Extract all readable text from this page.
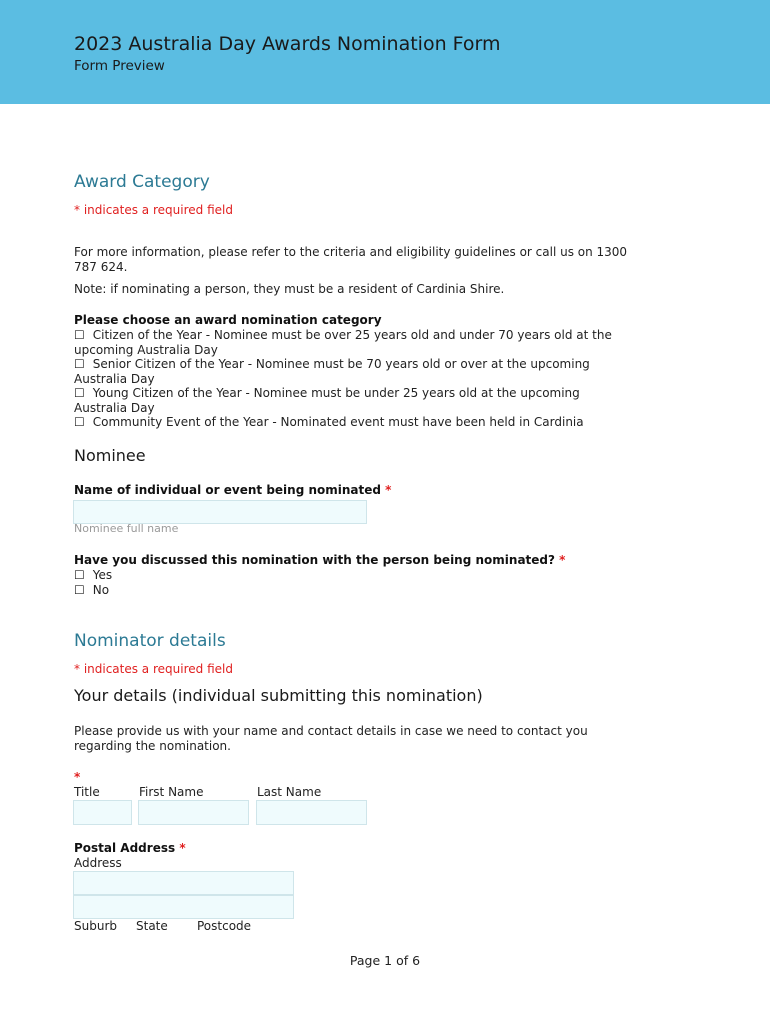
2023 Australia Day Awards Nomination Form
Form Preview
Award Category
* indicates a required field
For more information, please refer to the criteria and eligibility guidelines or call us on 1300
787 624.
Note: if nominating a person, they must be a resident of Cardinia Shire.
Please choose an award nomination category
☐ Citizen of the Year - Nominee must be over 25 years old and under 70 years old at the
upcoming Australia Day
☐ Senior Citizen of the Year - Nominee must be 70 years old or over at the upcoming
Australia Day
☐ Young Citizen of the Year - Nominee must be under 25 years old at the upcoming
Australia Day
☐ Community Event of the Year - Nominated event must have been held in Cardinia
Nominee
Name of individual or event being nominated *
Nominee full name
Have you discussed this nomination with the person being nominated? *
☐ Yes
☐ No
Nominator details
* indicates a required field
Your details (individual submitting this nomination)
Please provide us with your name and contact details in case we need to contact you
regarding the nomination.
*
Title	First Name	Last Name
Postal Address *
Address
Suburb State Postcode
Page 1 of 6
